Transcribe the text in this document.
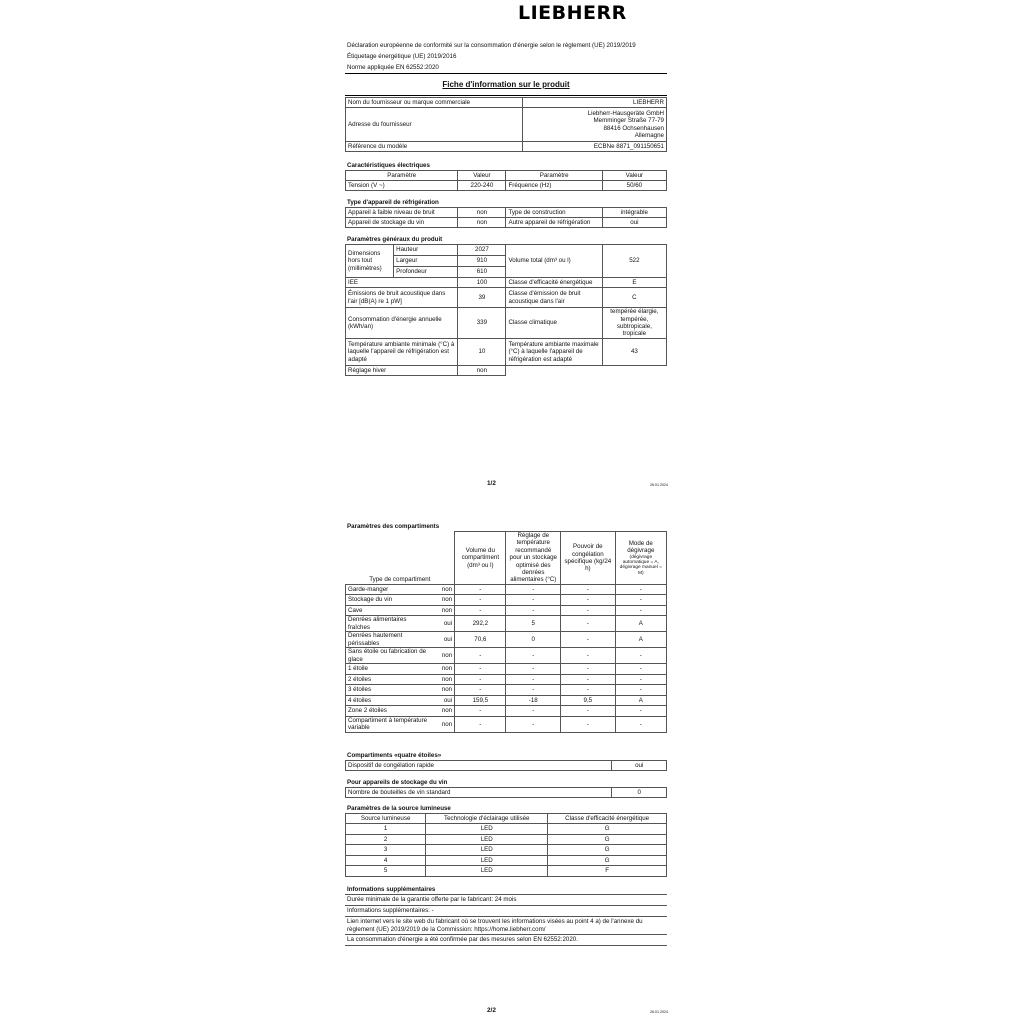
LIEBHERR
Déclaration européenne de conformité sur la consommation d'énergie selon le règlement (UE) 2019/2019
Étiquetage énergétique (UE) 2019/2016
Norme appliquée EN 62552:2020
Fiche d'information sur le produit
Nom du fournisseur ou marque commerciale	LIEBHERR
Adresse du fournisseur	Liebherr-Hausgeräte GmbH
Memminger Straße 77-79
88416 Ochsenhausen
Allemagne

Référence du modèle	ECBNe 8871_091150651
Caractéristiques électriques
Paramètre	Valeur	Paramètre	Valeur
Tension (V ~)	220-240	Fréquence (Hz)	50/60
Type d'appareil de réfrigération
Appareil à faible niveau de bruit	non	Type de construction	intégrable
Appareil de stockage du vin	non	Autre appareil de réfrigération	oui
Paramètres généraux du produit
Dimensions hors tout (millimètres)	Hauteur	2027	Volume total (dm³ ou l)	522
	Largeur	910		
	Profondeur	610		
IEE		100	Classe d'efficacité énergétique	E
Émissions de bruit acoustique dans l'air [dB(A) re 1 pW]		39	Classe d'émission de bruit acoustique dans l'air	C
Consommation d'énergie annuelle (kWh/an)		339	Classe climatique	tempérée élargie, tempérée, subtropicale, tropicale
Température ambiante minimale (°C) à laquelle l'appareil de réfrigération est adapté		10	Température ambiante maximale (°C) à laquelle l'appareil de réfrigération est adapté	43
Réglage hiver		non		
1/2	26.01.2024
Paramètres des compartiments
Type de compartiment		Volume du compartiment (dm³ ou l)	Réglage de température recommandé pour un stockage optimisé des denrées alimentaires (°C)	Pouvoir de congélation spécifique (kg/24 h)	Mode de dégivrage
(dégivrage automatique = A, dégivrage manuel = M)

Garde-manger	non	-	-	-	-
Stockage du vin	non	-	-	-	-
Cave	non	-	-	-	-
Denrées alimentaires fraîches	oui	292,2	5	-	A
Denrées hautement périssables	oui	70,6	0	-	A
Sans étoile ou fabrication de glace	non	-	-	-	-
1 étoile	non	-	-	-	-
2 étoiles	non	-	-	-	-
3 étoiles	non	-	-	-	-
4 étoiles	oui	159,5	-18	9,5	A
Zone 2 étoiles	non	-	-	-	-
Compartiment à température variable	non	-	-	-	-
Compartiments «quatre étoiles»
Dispositif de congélation rapide	oui
Pour appareils de stockage du vin
Nombre de bouteilles de vin standard	0
Paramètres de la source lumineuse
Source lumineuse	Technologie d'éclairage utilisée	Classe d'efficacité énergétique
1	LED	G
2	LED	G
3	LED	G
4	LED	G
5	LED	F
Informations supplémentaires
Durée minimale de la garantie offerte par le fabricant: 24 mois
Informations supplémentaires: -
Lien internet vers le site web du fabricant où se trouvent les informations visées au point 4 a) de l'annexe du règlement (UE) 2019/2019 de la Commission: https://home.liebherr.com/
La consommation d'énergie a été confirmée par des mesures selon EN 62552:2020.
2/2	26.01.2024
